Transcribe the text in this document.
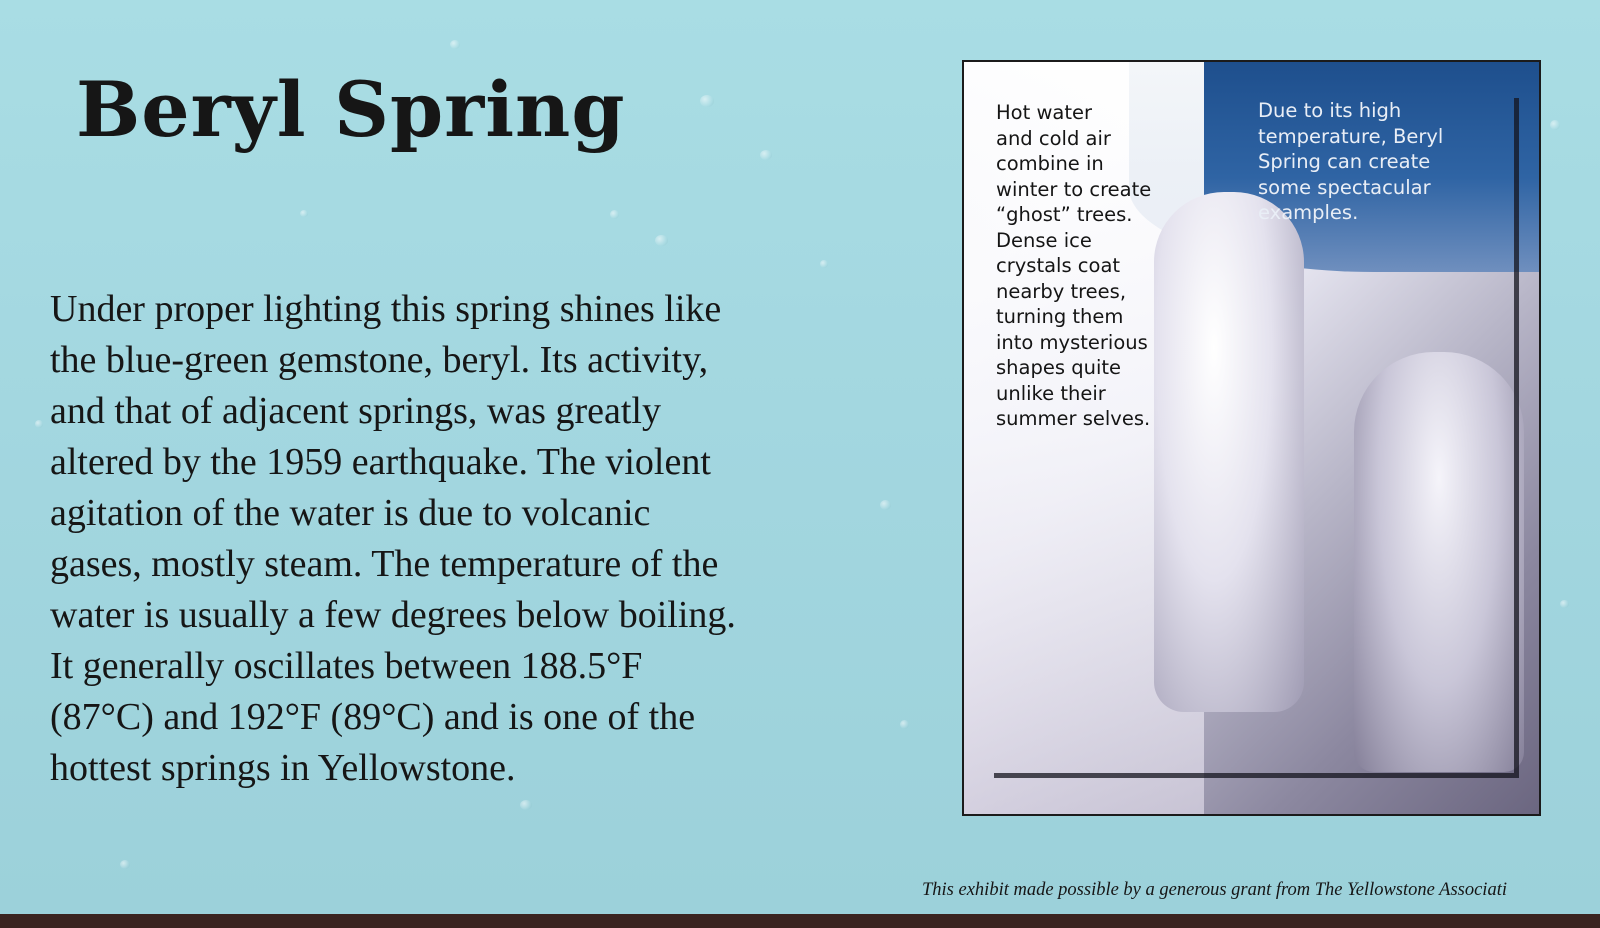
Beryl Spring

Under proper lighting this spring shines like
the blue-green gemstone, beryl. Its activity,
and that of adjacent springs, was greatly
altered by the 1959 earthquake. The violent
agitation of the water is due to volcanic
gases, mostly steam. The temperature of the
water is usually a few degrees below boiling.
It generally oscillates between 188.5°F
(87°C) and 192°F (89°C) and is one of the
hottest springs in Yellowstone.

Hot water
and cold air
combine in
winter to create
“ghost” trees.
Dense ice
crystals coat
nearby trees,
turning them
into mysterious
shapes quite
unlike their
summer selves.

Due to its high
temperature, Beryl
Spring can create
some spectacular
examples.

This exhibit made possible by a generous grant from The Yellowstone Associati
